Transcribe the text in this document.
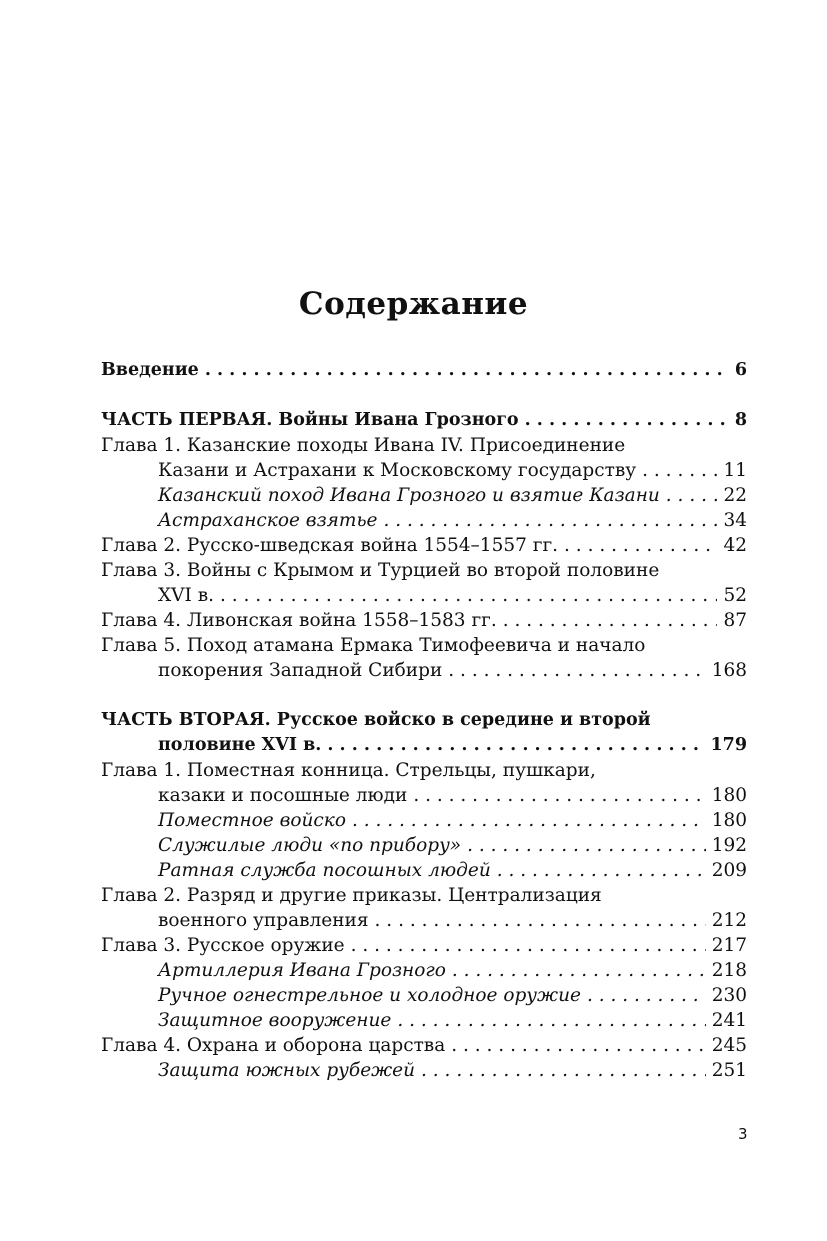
Содержание
Введение . . .	6
ЧАСТЬ ПЕРВАЯ. Войны Ивана Грозного . . .	8
Глава 1. Казанские походы Ивана IV. Присоединение
Казани и Астрахани к Московскому государству . . .	11
Казанский поход Ивана Грозного и взятие Казани . . .	22
Астраханское взятье . . .	34
Глава 2. Русско-шведская война 1554–1557 гг. . . .	42
Глава 3. Войны с Крымом и Турцией во второй половине
XVI в. . . .	52
Глава 4. Ливонская война 1558–1583 гг. . . .	87
Глава 5. Поход атамана Ермака Тимофеевича и начало
покорения Западной Сибири . . .	168
ЧАСТЬ ВТОРАЯ. Русское войско в середине и второй
половине XVI в. . . .	179
Глава 1. Поместная конница. Стрельцы, пушкари,
казаки и посошные люди . . .	180
Поместное войско . . .	180
Служилые люди «по прибору» . . .	192
Ратная служба посошных людей . . .	209
Глава 2. Разряд и другие приказы. Централизация
военного управления . . .	212
Глава 3. Русское оружие . . .	217
Артиллерия Ивана Грозного . . .	218
Ручное огнестрельное и холодное оружие . . .	230
Защитное вооружение . . .	241
Глава 4. Охрана и оборона царства . . .	245
Защита южных рубежей . . .	251
3
